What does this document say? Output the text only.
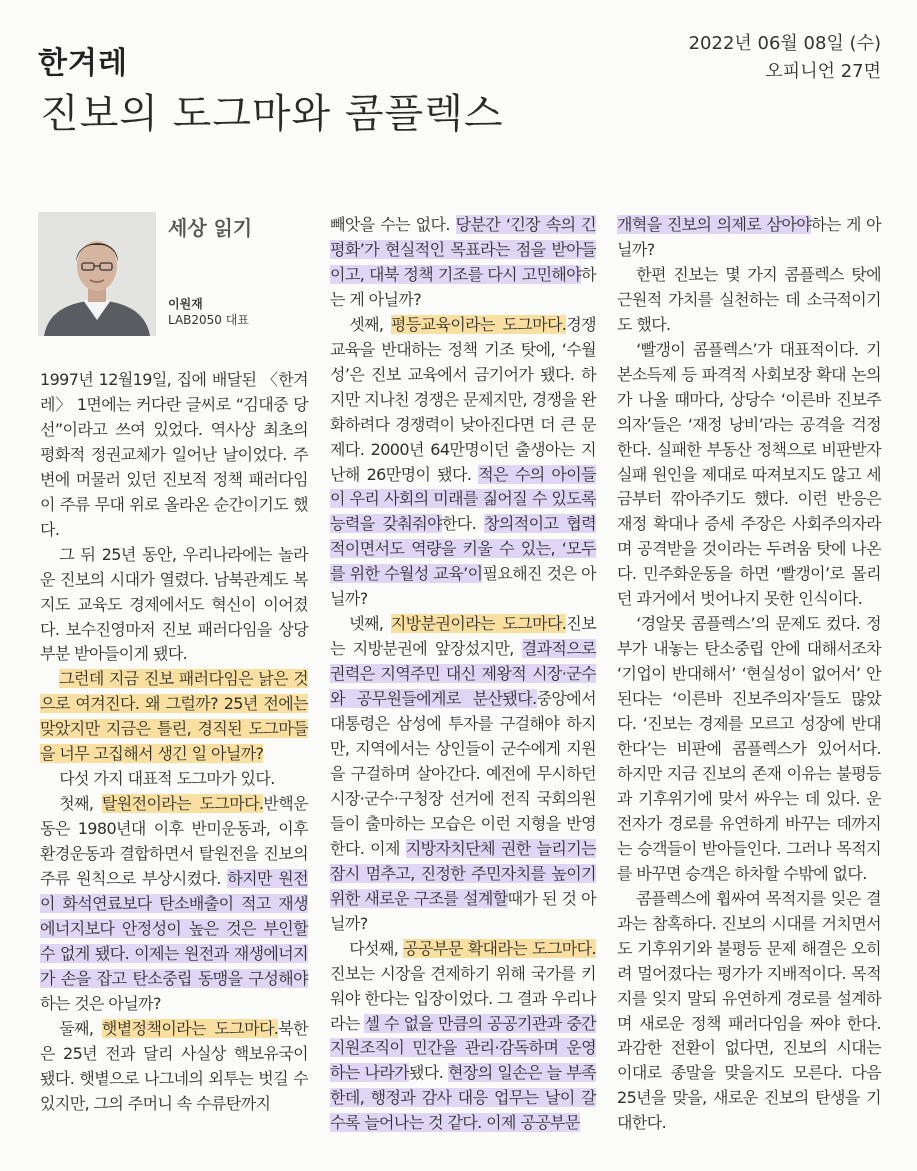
한겨레
2022년 06월 08일 (수)
오피니언 27면
진보의 도그마와 콤플렉스
세상 읽기
이원재
LAB2050 대표

1997년 12월19일, 집에 배달된 〈한겨레〉 1면에는 커다란 글씨로 “김대중 당선”이라고 쓰여 있었다. 역사상 최초의 평화적 정권교체가 일어난 날이었다. 주변에 머물러 있던 진보적 정책 패러다임이 주류 무대 위로 올라온 순간이기도 했다.

그 뒤 25년 동안, 우리나라에는 놀라운 진보의 시대가 열렸다. 남북관계도 복지도 교육도 경제에서도 혁신이 이어졌다. 보수진영마저 진보 패러다임을 상당 부분 받아들이게 됐다.

그런데 지금 진보 패러다임은 낡은 것으로 여겨진다. 왜 그럴까? 25년 전에는 맞았지만 지금은 틀린, 경직된 도그마들을 너무 고집해서 생긴 일 아닐까?

다섯 가지 대표적 도그마가 있다.

첫째, 탈원전이라는 도그마다.반핵운동은 1980년대 이후 반미운동과, 이후 환경운동과 결합하면서 탈원전을 진보의 주류 원칙으로 부상시켰다. 하지만 원전이 화석연료보다 탄소배출이 적고 재생에너지보다 안정성이 높은 것은 부인할 수 없게 됐다. 이제는 원전과 재생에너지가 손을 잡고 탄소중립 동맹을 구성해야하는 것은 아닐까?

둘째, 햇볕정책이라는 도그마다.북한은 25년 전과 달리 사실상 핵보유국이 됐다. 햇볕으로 나그네의 외투는 벗길 수 있지만, 그의 주머니 속 수류탄까지

빼앗을 수는 없다. 당분간 ‘긴장 속의 긴 평화’가 현실적인 목표라는 점을 받아들이고, 대북 정책 기조를 다시 고민해야하는 게 아닐까?

셋째, 평등교육이라는 도그마다.경쟁교육을 반대하는 정책 기조 탓에, ‘수월성’은 진보 교육에서 금기어가 됐다. 하지만 지나친 경쟁은 문제지만, 경쟁을 완화하려다 경쟁력이 낮아진다면 더 큰 문제다. 2000년 64만명이던 출생아는 지난해 26만명이 됐다. 적은 수의 아이들이 우리 사회의 미래를 짊어질 수 있도록 능력을 갖춰줘야한다. 창의적이고 협력적이면서도 역량을 키울 수 있는, ‘모두를 위한 수월성 교육’이필요해진 것은 아닐까?

넷째, 지방분권이라는 도그마다.진보는 지방분권에 앞장섰지만, 결과적으로 권력은 지역주민 대신 제왕적 시장·군수와 공무원들에게로 분산됐다.중앙에서 대통령은 삼성에 투자를 구걸해야 하지만, 지역에서는 상인들이 군수에게 지원을 구걸하며 살아간다. 예전에 무시하던 시장·군수·구청장 선거에 전직 국회의원들이 출마하는 모습은 이런 지형을 반영한다. 이제 지방자치단체 권한 늘리기는 잠시 멈추고, 진정한 주민자치를 높이기 위한 새로운 구조를 설계할때가 된 것 아닐까?

다섯째, 공공부문 확대라는 도그마다.진보는 시장을 견제하기 위해 국가를 키워야 한다는 입장이었다. 그 결과 우리나라는 셀 수 없을 만큼의 공공기관과 중간지원조직이 민간을 관리·감독하며 운영하는 나라가됐다. 현장의 일손은 늘 부족한데, 행정과 감사 대응 업무는 날이 갈수록 늘어나는 것 같다. 이제 공공부문

개혁을 진보의 의제로 삼아야하는 게 아닐까?

한편 진보는 몇 가지 콤플렉스 탓에 근원적 가치를 실천하는 데 소극적이기도 했다.

‘빨갱이 콤플렉스’가 대표적이다. 기본소득제 등 파격적 사회보장 확대 논의가 나올 때마다, 상당수 ‘이른바 진보주의자’들은 ‘재정 낭비’라는 공격을 걱정한다. 실패한 부동산 정책으로 비판받자 실패 원인을 제대로 따져보지도 않고 세금부터 깎아주기도 했다. 이런 반응은 재정 확대나 증세 주장은 사회주의자라며 공격받을 것이라는 두려움 탓에 나온다. 민주화운동을 하면 ‘빨갱이’로 몰리던 과거에서 벗어나지 못한 인식이다.

‘경알못 콤플렉스’의 문제도 컸다. 정부가 내놓는 탄소중립 안에 대해서조차 ‘기업이 반대해서’ ‘현실성이 없어서’ 안 된다는 ‘이른바 진보주의자’들도 많았다. ‘진보는 경제를 모르고 성장에 반대한다’는 비판에 콤플렉스가 있어서다. 하지만 지금 진보의 존재 이유는 불평등과 기후위기에 맞서 싸우는 데 있다. 운전자가 경로를 유연하게 바꾸는 데까지는 승객들이 받아들인다. 그러나 목적지를 바꾸면 승객은 하차할 수밖에 없다.

콤플렉스에 휩싸여 목적지를 잊은 결과는 참혹하다. 진보의 시대를 거치면서도 기후위기와 불평등 문제 해결은 오히려 멀어졌다는 평가가 지배적이다. 목적지를 잊지 말되 유연하게 경로를 설계하며 새로운 정책 패러다임을 짜야 한다. 과감한 전환이 없다면, 진보의 시대는 이대로 종말을 맞을지도 모른다. 다음 25년을 맞을, 새로운 진보의 탄생을 기대한다.
